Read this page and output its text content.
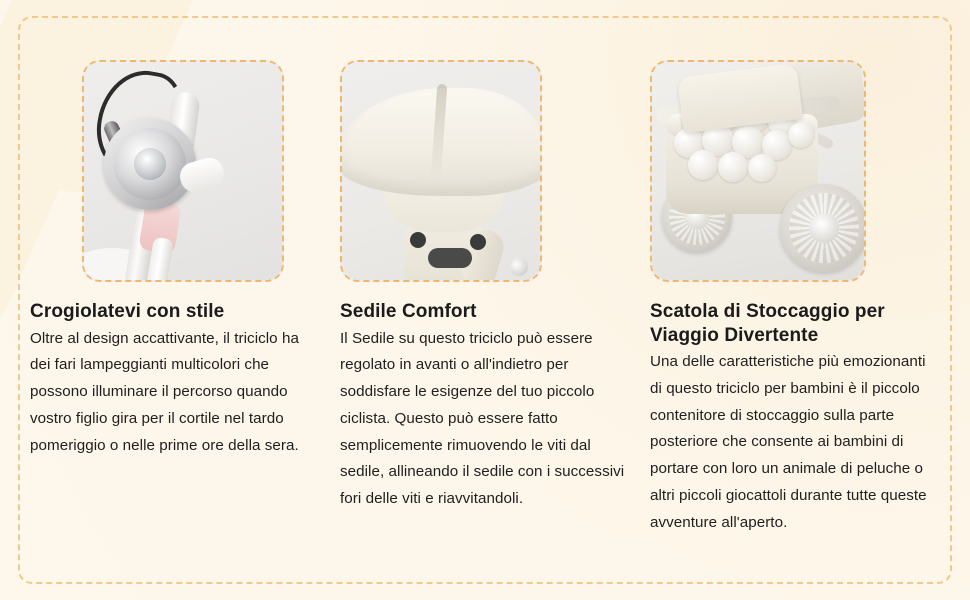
Crogiolatevi con stile
Oltre al design accattivante, il triciclo ha dei fari lampeggianti multicolori che possono illuminare il percorso quando vostro figlio gira per il cortile nel tardo pomeriggio o nelle prime ore della sera.
Sedile Comfort
Il Sedile su questo triciclo può essere regolato in avanti o all'indietro per soddisfare le esigenze del tuo piccolo ciclista. Questo può essere fatto semplicemente rimuovendo le viti dal sedile, allineando il sedile con i successivi fori delle viti e riavvitandoli.
Scatola di Stoccaggio per Viaggio Divertente
Una delle caratteristiche più emozionanti di questo triciclo per bambini è il piccolo contenitore di stoccaggio sulla parte posteriore che consente ai bambini di portare con loro un animale di peluche o altri piccoli giocattoli durante tutte queste avventure all'aperto.
